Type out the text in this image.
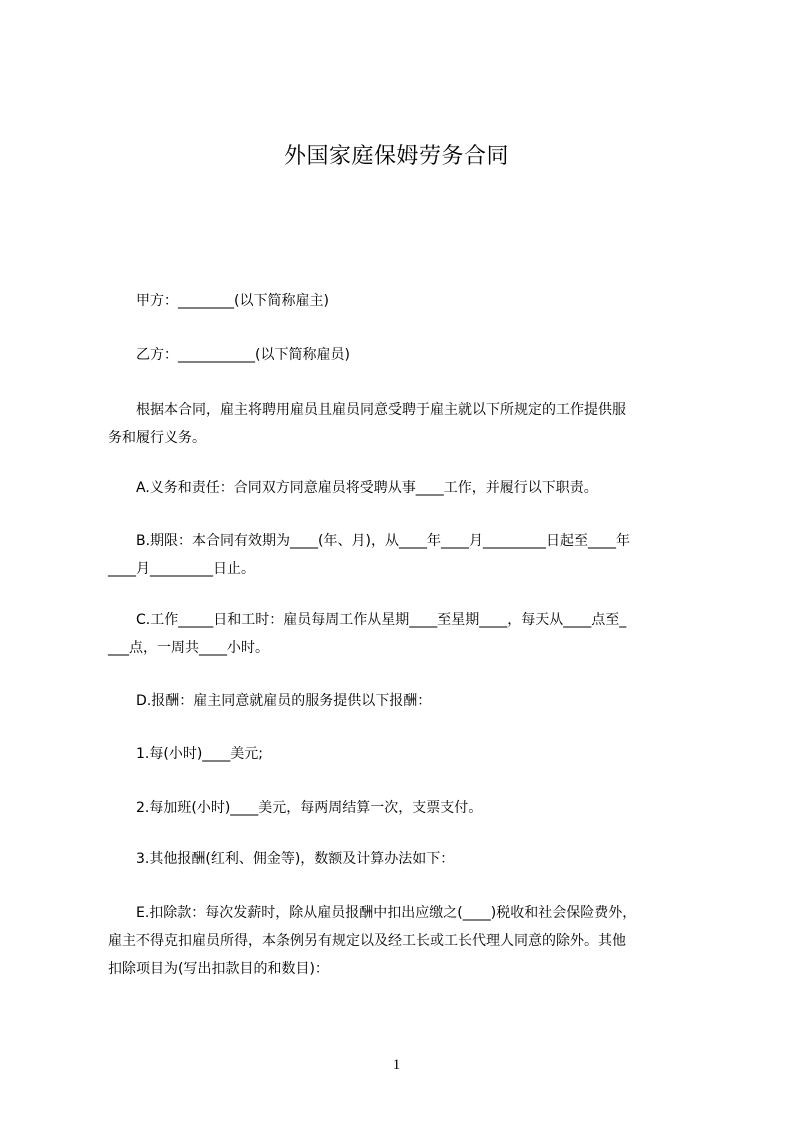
外国家庭保姆劳务合同
　　甲方：________(以下简称雇主)
　　乙方：___________(以下简称雇员)
　　根据本合同，雇主将聘用雇员且雇员同意受聘于雇主就以下所规定的工作提供服
务和履行义务。
　　A.义务和责任：合同双方同意雇员将受聘从事____工作，并履行以下职责。
　　B.期限：本合同有效期为____(年、月)，从____年____月_________日起至____年
____月_________日止。
　　C.工作_____日和工时：雇员每周工作从星期____至星期____，每天从____点至_
___点，一周共____小时。
　　D.报酬：雇主同意就雇员的服务提供以下报酬：
　　1.每(小时)____美元;
　　2.每加班(小时)____美元，每两周结算一次，支票支付。
　　3.其他报酬(红利、佣金等)，数额及计算办法如下：
　　E.扣除款：每次发薪时，除从雇员报酬中扣出应缴之(____)税收和社会保险费外，
雇主不得克扣雇员所得，本条例另有规定以及经工长或工长代理人同意的除外。其他
扣除项目为(写出扣款目的和数目)：
1
